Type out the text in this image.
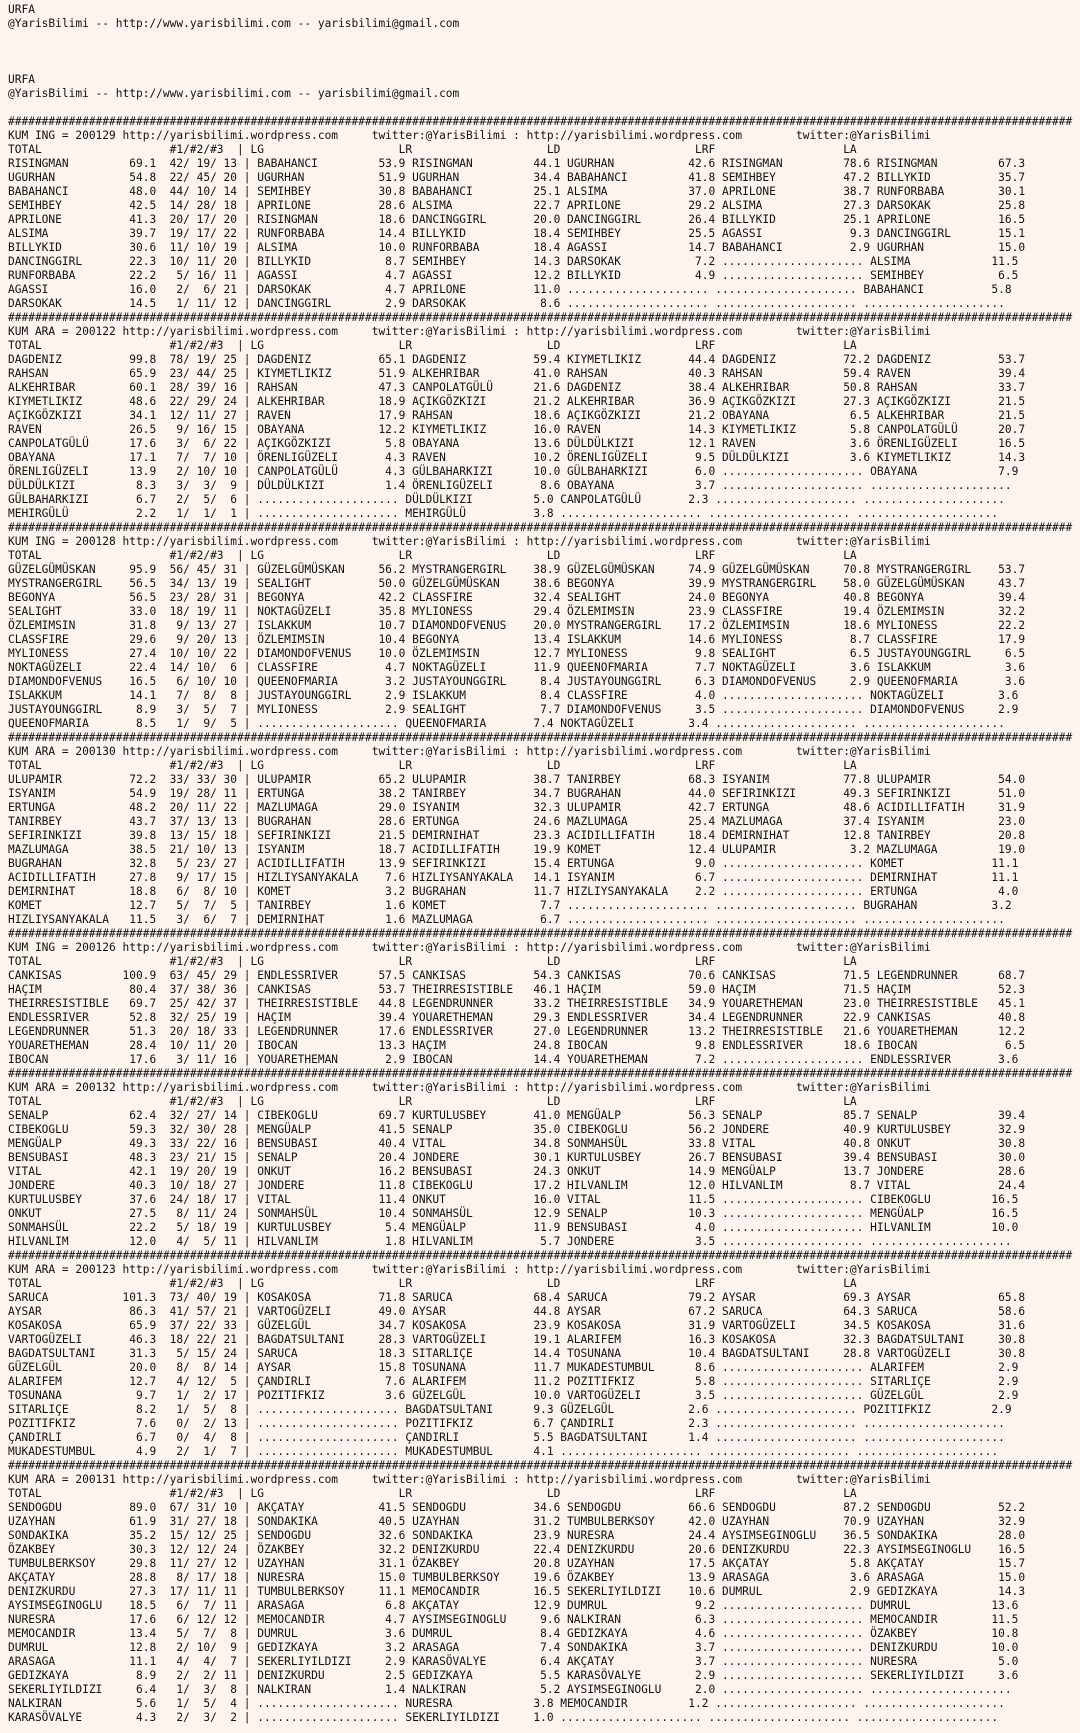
URFA
@YarisBilimi -- http://www.yarisbilimi.com -- yarisbilimi@gmail.com
URFA
@YarisBilimi -- http://www.yarisbilimi.com -- yarisbilimi@gmail.com
##############################################################################################################################################################
KUM ING = 200129 http://yarisbilimi.wordpress.com     twitter:@YarisBilimi : http://yarisbilimi.wordpress.com        twitter:@YarisBilimi
TOTAL                   #1/#2/#3  | LG                    LR                    LD                    LRF                   LA
RISINGMAN         69.1  42/ 19/ 13 | BABAHANCI         53.9 RISINGMAN         44.1 UGURHAN           42.6 RISINGMAN         78.6 RISINGMAN         67.3
UGURHAN           54.8  22/ 45/ 20 | UGURHAN           51.9 UGURHAN           34.4 BABAHANCI         41.8 SEMIHBEY          47.2 BILLYKID          35.7
BABAHANCI         48.0  44/ 10/ 14 | SEMIHBEY          30.8 BABAHANCI         25.1 ALSIMA            37.0 APRILONE          38.7 RUNFORBABA        30.1
SEMIHBEY          42.5  14/ 28/ 18 | APRILONE          28.6 ALSIMA            22.7 APRILONE          29.2 ALSIMA            27.3 DARSOKAK          25.8
APRILONE          41.3  20/ 17/ 20 | RISINGMAN         18.6 DANCINGGIRL       20.0 DANCINGGIRL       26.4 BILLYKID          25.1 APRILONE          16.5
ALSIMA            39.7  19/ 17/ 22 | RUNFORBABA        14.4 BILLYKID          18.4 SEMIHBEY          25.5 AGASSI             9.3 DANCINGGIRL       15.1
BILLYKID          30.6  11/ 10/ 19 | ALSIMA            10.0 RUNFORBABA        18.4 AGASSI            14.7 BABAHANCI          2.9 UGURHAN           15.0
DANCINGGIRL       22.3  10/ 11/ 20 | BILLYKID           8.7 SEMIHBEY          14.3 DARSOKAK           7.2 ..................... ALSIMA            11.5
RUNFORBABA        22.2   5/ 16/ 11 | AGASSI             4.7 AGASSI            12.2 BILLYKID           4.9 ..................... SEMIHBEY           6.5
AGASSI            16.0   2/  6/ 21 | DARSOKAK           4.7 APRILONE          11.0 ..................... ..................... BABAHANCI          5.8
DARSOKAK          14.5   1/ 11/ 12 | DANCINGGIRL        2.9 DARSOKAK           8.6 ..................... ..................... .....................
##############################################################################################################################################################
KUM ARA = 200122 http://yarisbilimi.wordpress.com     twitter:@YarisBilimi : http://yarisbilimi.wordpress.com        twitter:@YarisBilimi
TOTAL                   #1/#2/#3  | LG                    LR                    LD                    LRF                   LA
DAGDENIZ          99.8  78/ 19/ 25 | DAGDENIZ          65.1 DAGDENIZ          59.4 KIYMETLIKIZ       44.4 DAGDENIZ          72.2 DAGDENIZ          53.7
RAHSAN            65.9  23/ 44/ 25 | KIYMETLIKIZ       51.9 ALKEHRIBAR        41.0 RAHSAN            40.3 RAHSAN            59.4 RAVEN             39.4
ALKEHRIBAR        60.1  28/ 39/ 16 | RAHSAN            47.3 CANPOLATGÜLÜ      21.6 DAGDENIZ          38.4 ALKEHRIBAR        50.8 RAHSAN            33.7
KIYMETLIKIZ       48.6  22/ 29/ 24 | ALKEHRIBAR        18.9 AÇIKGÖZKIZI       21.2 ALKEHRIBAR        36.9 AÇIKGÖZKIZI       27.3 AÇIKGÖZKIZI       21.5
AÇIKGÖZKIZI       34.1  12/ 11/ 27 | RAVEN             17.9 RAHSAN            18.6 AÇIKGÖZKIZI       21.2 OBAYANA            6.5 ALKEHRIBAR        21.5
RAVEN             26.5   9/ 16/ 15 | OBAYANA           12.2 KIYMETLIKIZ       16.0 RAVEN             14.3 KIYMETLIKIZ        5.8 CANPOLATGÜLÜ      20.7
CANPOLATGÜLÜ      17.6   3/  6/ 22 | AÇIKGÖZKIZI        5.8 OBAYANA           13.6 DÜLDÜLKIZI        12.1 RAVEN              3.6 ÖRENLIGÜZELI      16.5
OBAYANA           17.1   7/  7/ 10 | ÖRENLIGÜZELI       4.3 RAVEN             10.2 ÖRENLIGÜZELI       9.5 DÜLDÜLKIZI         3.6 KIYMETLIKIZ       14.3
ÖRENLIGÜZELI      13.9   2/ 10/ 10 | CANPOLATGÜLÜ       4.3 GÜLBAHARKIZI      10.0 GÜLBAHARKIZI       6.0 ..................... OBAYANA            7.9
DÜLDÜLKIZI         8.3   3/  3/  9 | DÜLDÜLKIZI         1.4 ÖRENLIGÜZELI       8.6 OBAYANA            3.7 ..................... .....................
GÜLBAHARKIZI       6.7   2/  5/  6 | ..................... DÜLDÜLKIZI         5.0 CANPOLATGÜLÜ       2.3 ..................... .....................
MEHIRGÜLÜ          2.2   1/  1/  1 | ..................... MEHIRGÜLÜ          3.8 ..................... ..................... .....................
##############################################################################################################################################################
KUM ING = 200128 http://yarisbilimi.wordpress.com     twitter:@YarisBilimi : http://yarisbilimi.wordpress.com        twitter:@YarisBilimi
TOTAL                   #1/#2/#3  | LG                    LR                    LD                    LRF                   LA
GÜZELGÜMÜSKAN     95.9  56/ 45/ 31 | GÜZELGÜMÜSKAN     56.2 MYSTRANGERGIRL    38.9 GÜZELGÜMÜSKAN     74.9 GÜZELGÜMÜSKAN     70.8 MYSTRANGERGIRL    53.7
MYSTRANGERGIRL    56.5  34/ 13/ 19 | SEALIGHT          50.0 GÜZELGÜMÜSKAN     38.6 BEGONYA           39.9 MYSTRANGERGIRL    58.0 GÜZELGÜMÜSKAN     43.7
BEGONYA           56.5  23/ 28/ 31 | BEGONYA           42.2 CLASSFIRE         32.4 SEALIGHT          24.0 BEGONYA           40.8 BEGONYA           39.4
SEALIGHT          33.0  18/ 19/ 11 | NOKTAGÜZELI       35.8 MYLIONESS         29.4 ÖZLEMIMSIN        23.9 CLASSFIRE         19.4 ÖZLEMIMSIN        32.2
ÖZLEMIMSIN        31.8   9/ 13/ 27 | ISLAKKUM          10.7 DIAMONDOFVENUS    20.0 MYSTRANGERGIRL    17.2 ÖZLEMIMSIN        18.6 MYLIONESS         22.2
CLASSFIRE         29.6   9/ 20/ 13 | ÖZLEMIMSIN        10.4 BEGONYA           13.4 ISLAKKUM          14.6 MYLIONESS          8.7 CLASSFIRE         17.9
MYLIONESS         27.4  10/ 10/ 22 | DIAMONDOFVENUS    10.0 ÖZLEMIMSIN        12.7 MYLIONESS          9.8 SEALIGHT           6.5 JUSTAYOUNGGIRL     6.5
NOKTAGÜZELI       22.4  14/ 10/  6 | CLASSFIRE          4.7 NOKTAGÜZELI       11.9 QUEENOFMARIA       7.7 NOKTAGÜZELI        3.6 ISLAKKUM           3.6
DIAMONDOFVENUS    16.5   6/ 10/ 10 | QUEENOFMARIA       3.2 JUSTAYOUNGGIRL     8.4 JUSTAYOUNGGIRL     6.3 DIAMONDOFVENUS     2.9 QUEENOFMARIA       3.6
ISLAKKUM          14.1   7/  8/  8 | JUSTAYOUNGGIRL     2.9 ISLAKKUM           8.4 CLASSFIRE          4.0 ..................... NOKTAGÜZELI        3.6
JUSTAYOUNGGIRL     8.9   3/  5/  7 | MYLIONESS          2.9 SEALIGHT           7.7 DIAMONDOFVENUS     3.5 ..................... DIAMONDOFVENUS     2.9
QUEENOFMARIA       8.5   1/  9/  5 | ..................... QUEENOFMARIA       7.4 NOKTAGÜZELI        3.4 ..................... .....................
##############################################################################################################################################################
KUM ARA = 200130 http://yarisbilimi.wordpress.com     twitter:@YarisBilimi : http://yarisbilimi.wordpress.com        twitter:@YarisBilimi
TOTAL                   #1/#2/#3  | LG                    LR                    LD                    LRF                   LA
ULUPAMIR          72.2  33/ 33/ 30 | ULUPAMIR          65.2 ULUPAMIR          38.7 TANIRBEY          68.3 ISYANIM           77.8 ULUPAMIR          54.0
ISYANIM           54.9  19/ 28/ 11 | ERTUNGA           38.2 TANIRBEY          34.7 BUGRAHAN          44.0 SEFIRINKIZI       49.3 SEFIRINKIZI       51.0
ERTUNGA           48.2  20/ 11/ 22 | MAZLUMAGA         29.0 ISYANIM           32.3 ULUPAMIR          42.7 ERTUNGA           48.6 ACIDILLIFATIH     31.9
TANIRBEY          43.7  37/ 13/ 13 | BUGRAHAN          28.6 ERTUNGA           24.6 MAZLUMAGA         25.4 MAZLUMAGA         37.4 ISYANIM           23.0
SEFIRINKIZI       39.8  13/ 15/ 18 | SEFIRINKIZI       21.5 DEMIRNIHAT        23.3 ACIDILLIFATIH     18.4 DEMIRNIHAT        12.8 TANIRBEY          20.8
MAZLUMAGA         38.5  21/ 10/ 13 | ISYANIM           18.7 ACIDILLIFATIH     19.9 KOMET             12.4 ULUPAMIR           3.2 MAZLUMAGA         19.0
BUGRAHAN          32.8   5/ 23/ 27 | ACIDILLIFATIH     13.9 SEFIRINKIZI       15.4 ERTUNGA            9.0 ..................... KOMET             11.1
ACIDILLIFATIH     27.8   9/ 17/ 15 | HIZLIYSANYAKALA    7.6 HIZLIYSANYAKALA   14.1 ISYANIM            6.7 ..................... DEMIRNIHAT        11.1
DEMIRNIHAT        18.8   6/  8/ 10 | KOMET              3.2 BUGRAHAN          11.7 HIZLIYSANYAKALA    2.2 ..................... ERTUNGA            4.0
KOMET             12.7   5/  7/  5 | TANIRBEY           1.6 KOMET              7.7 ..................... ..................... BUGRAHAN           3.2
HIZLIYSANYAKALA   11.5   3/  6/  7 | DEMIRNIHAT         1.6 MAZLUMAGA          6.7 ..................... ..................... .....................
##############################################################################################################################################################
KUM ING = 200126 http://yarisbilimi.wordpress.com     twitter:@YarisBilimi : http://yarisbilimi.wordpress.com        twitter:@YarisBilimi
TOTAL                   #1/#2/#3  | LG                    LR                    LD                    LRF                   LA
CANKISAS         100.9  63/ 45/ 29 | ENDLESSRIVER      57.5 CANKISAS          54.3 CANKISAS          70.6 CANKISAS          71.5 LEGENDRUNNER      68.7
HAÇIM             80.4  37/ 38/ 36 | CANKISAS          53.7 THEIRRESISTIBLE   46.1 HAÇIM             59.0 HAÇIM             71.5 HAÇIM             52.3
THEIRRESISTIBLE   69.7  25/ 42/ 37 | THEIRRESISTIBLE   44.8 LEGENDRUNNER      33.2 THEIRRESISTIBLE   34.9 YOUARETHEMAN      23.0 THEIRRESISTIBLE   45.1
ENDLESSRIVER      52.8  32/ 25/ 19 | HAÇIM             39.4 YOUARETHEMAN      29.3 ENDLESSRIVER      34.4 LEGENDRUNNER      22.9 CANKISAS          40.8
LEGENDRUNNER      51.3  20/ 18/ 33 | LEGENDRUNNER      17.6 ENDLESSRIVER      27.0 LEGENDRUNNER      13.2 THEIRRESISTIBLE   21.6 YOUARETHEMAN      12.2
YOUARETHEMAN      28.4  10/ 11/ 20 | IBOCAN            13.3 HAÇIM             24.8 IBOCAN             9.8 ENDLESSRIVER      18.6 IBOCAN             6.5
IBOCAN            17.6   3/ 11/ 16 | YOUARETHEMAN       2.9 IBOCAN            14.4 YOUARETHEMAN       7.2 ..................... ENDLESSRIVER       3.6
##############################################################################################################################################################
KUM ARA = 200132 http://yarisbilimi.wordpress.com     twitter:@YarisBilimi : http://yarisbilimi.wordpress.com        twitter:@YarisBilimi
TOTAL                   #1/#2/#3  | LG                    LR                    LD                    LRF                   LA
SENALP            62.4  32/ 27/ 14 | CIBEKOGLU         69.7 KURTULUSBEY       41.0 MENGÜALP          56.3 SENALP            85.7 SENALP            39.4
CIBEKOGLU         59.3  32/ 30/ 28 | MENGÜALP          41.5 SENALP            35.0 CIBEKOGLU         56.2 JONDERE           40.9 KURTULUSBEY       32.9
MENGÜALP          49.3  33/ 22/ 16 | BENSUBASI         40.4 VITAL             34.8 SONMAHSÜL         33.8 VITAL             40.8 ONKUT             30.8
BENSUBASI         48.3  23/ 21/ 15 | SENALP            20.4 JONDERE           30.1 KURTULUSBEY       26.7 BENSUBASI         39.4 BENSUBASI         30.0
VITAL             42.1  19/ 20/ 19 | ONKUT             16.2 BENSUBASI         24.3 ONKUT             14.9 MENGÜALP          13.7 JONDERE           28.6
JONDERE           40.3  10/ 18/ 27 | JONDERE           11.8 CIBEKOGLU         17.2 HILVANLIM         12.0 HILVANLIM          8.7 VITAL             24.4
KURTULUSBEY       37.6  24/ 18/ 17 | VITAL             11.4 ONKUT             16.0 VITAL             11.5 ..................... CIBEKOGLU         16.5
ONKUT             27.5   8/ 11/ 24 | SONMAHSÜL         10.4 SONMAHSÜL         12.9 SENALP            10.3 ..................... MENGÜALP          16.5
SONMAHSÜL         22.2   5/ 18/ 19 | KURTULUSBEY        5.4 MENGÜALP          11.9 BENSUBASI          4.0 ..................... HILVANLIM         10.0
HILVANLIM         12.0   4/  5/ 11 | HILVANLIM          1.8 HILVANLIM          5.7 JONDERE            3.5 ..................... .....................
##############################################################################################################################################################
KUM ARA = 200123 http://yarisbilimi.wordpress.com     twitter:@YarisBilimi : http://yarisbilimi.wordpress.com        twitter:@YarisBilimi
TOTAL                   #1/#2/#3  | LG                    LR                    LD                    LRF                   LA
SARUCA           101.3  73/ 40/ 19 | KOSAKOSA          71.8 SARUCA            68.4 SARUCA            79.2 AYSAR             69.3 AYSAR             65.8
AYSAR             86.3  41/ 57/ 21 | VARTOGÜZELI       49.0 AYSAR             44.8 AYSAR             67.2 SARUCA            64.3 SARUCA            58.6
KOSAKOSA          65.9  37/ 22/ 33 | GÜZELGÜL          34.7 KOSAKOSA          23.9 KOSAKOSA          31.9 VARTOGÜZELI       34.5 KOSAKOSA          31.6
VARTOGÜZELI       46.3  18/ 22/ 21 | BAGDATSULTANI     28.3 VARTOGÜZELI       19.1 ALARIFEM          16.3 KOSAKOSA          32.3 BAGDATSULTANI     30.8
BAGDATSULTANI     31.3   5/ 15/ 24 | SARUCA            18.3 SITARLIÇE         14.4 TOSUNANA          10.4 BAGDATSULTANI     28.8 VARTOGÜZELI       30.8
GÜZELGÜL          20.0   8/  8/ 14 | AYSAR             15.8 TOSUNANA          11.7 MUKADESTUMBUL      8.6 ..................... ALARIFEM           2.9
ALARIFEM          12.7   4/ 12/  5 | ÇANDIRLI           7.6 ALARIFEM          11.2 POZITIFKIZ         5.8 ..................... SITARLIÇE          2.9
TOSUNANA           9.7   1/  2/ 17 | POZITIFKIZ         3.6 GÜZELGÜL          10.0 VARTOGÜZELI        3.5 ..................... GÜZELGÜL           2.9
SITARLIÇE          8.2   1/  5/  8 | ..................... BAGDATSULTANI      9.3 GÜZELGÜL           2.6 ..................... POZITIFKIZ         2.9
POZITIFKIZ         7.6   0/  2/ 13 | ..................... POZITIFKIZ         6.7 ÇANDIRLI           2.3 ..................... .....................
ÇANDIRLI           6.7   0/  4/  8 | ..................... ÇANDIRLI           5.5 BAGDATSULTANI      1.4 ..................... .....................
MUKADESTUMBUL      4.9   2/  1/  7 | ..................... MUKADESTUMBUL      4.1 ..................... ..................... .....................
##############################################################################################################################################################
KUM ARA = 200131 http://yarisbilimi.wordpress.com     twitter:@YarisBilimi : http://yarisbilimi.wordpress.com        twitter:@YarisBilimi
TOTAL                   #1/#2/#3  | LG                    LR                    LD                    LRF                   LA
SENDOGDU          89.0  67/ 31/ 10 | AKÇATAY           41.5 SENDOGDU          34.6 SENDOGDU          66.6 SENDOGDU          87.2 SENDOGDU          52.2
UZAYHAN           61.9  31/ 27/ 18 | SONDAKIKA         40.5 UZAYHAN           31.2 TUMBULBERKSOY     42.0 UZAYHAN           70.9 UZAYHAN           32.9
SONDAKIKA         35.2  15/ 12/ 25 | SENDOGDU          32.6 SONDAKIKA         23.9 NURESRA           24.4 AYSIMSEGINOGLU    36.5 SONDAKIKA         28.0
ÖZAKBEY           30.3  12/ 12/ 24 | ÖZAKBEY           32.2 DENIZKURDU        22.4 DENIZKURDU        20.6 DENIZKURDU        22.3 AYSIMSEGINOGLU    16.5
TUMBULBERKSOY     29.8  11/ 27/ 12 | UZAYHAN           31.1 ÖZAKBEY           20.8 UZAYHAN           17.5 AKÇATAY            5.8 AKÇATAY           15.7
AKÇATAY           28.8   8/ 17/ 18 | NURESRA           15.0 TUMBULBERKSOY     19.6 ÖZAKBEY           13.9 ARASAGA            3.6 ARASAGA           15.0
DENIZKURDU        27.3  17/ 11/ 11 | TUMBULBERKSOY     11.1 MEMOCANDIR        16.5 SEKERLIYILDIZI    10.6 DUMRUL             2.9 GEDIZKAYA         14.3
AYSIMSEGINOGLU    18.5   6/  7/ 11 | ARASAGA            6.8 AKÇATAY           12.9 DUMRUL             9.2 ..................... DUMRUL            13.6
NURESRA           17.6   6/ 12/ 12 | MEMOCANDIR         4.7 AYSIMSEGINOGLU     9.6 NALKIRAN           6.3 ..................... MEMOCANDIR        11.5
MEMOCANDIR        13.4   5/  7/  8 | DUMRUL             3.6 DUMRUL             8.4 GEDIZKAYA          4.6 ..................... ÖZAKBEY           10.8
DUMRUL            12.8   2/ 10/  9 | GEDIZKAYA          3.2 ARASAGA            7.4 SONDAKIKA          3.7 ..................... DENIZKURDU        10.0
ARASAGA           11.1   4/  4/  7 | SEKERLIYILDIZI     2.9 KARASÖVALYE        6.4 AKÇATAY            3.7 ..................... NURESRA            5.0
GEDIZKAYA          8.9   2/  2/ 11 | DENIZKURDU         2.5 GEDIZKAYA          5.5 KARASÖVALYE        2.9 ..................... SEKERLIYILDIZI     3.6
SEKERLIYILDIZI     6.4   1/  3/  8 | NALKIRAN           1.4 NALKIRAN           5.2 AYSIMSEGINOGLU     2.0 ..................... .....................
NALKIRAN           5.6   1/  5/  4 | ..................... NURESRA            3.8 MEMOCANDIR         1.2 ..................... .....................
KARASÖVALYE        4.3   2/  3/  2 | ..................... SEKERLIYILDIZI     1.0 ..................... ..................... .....................
